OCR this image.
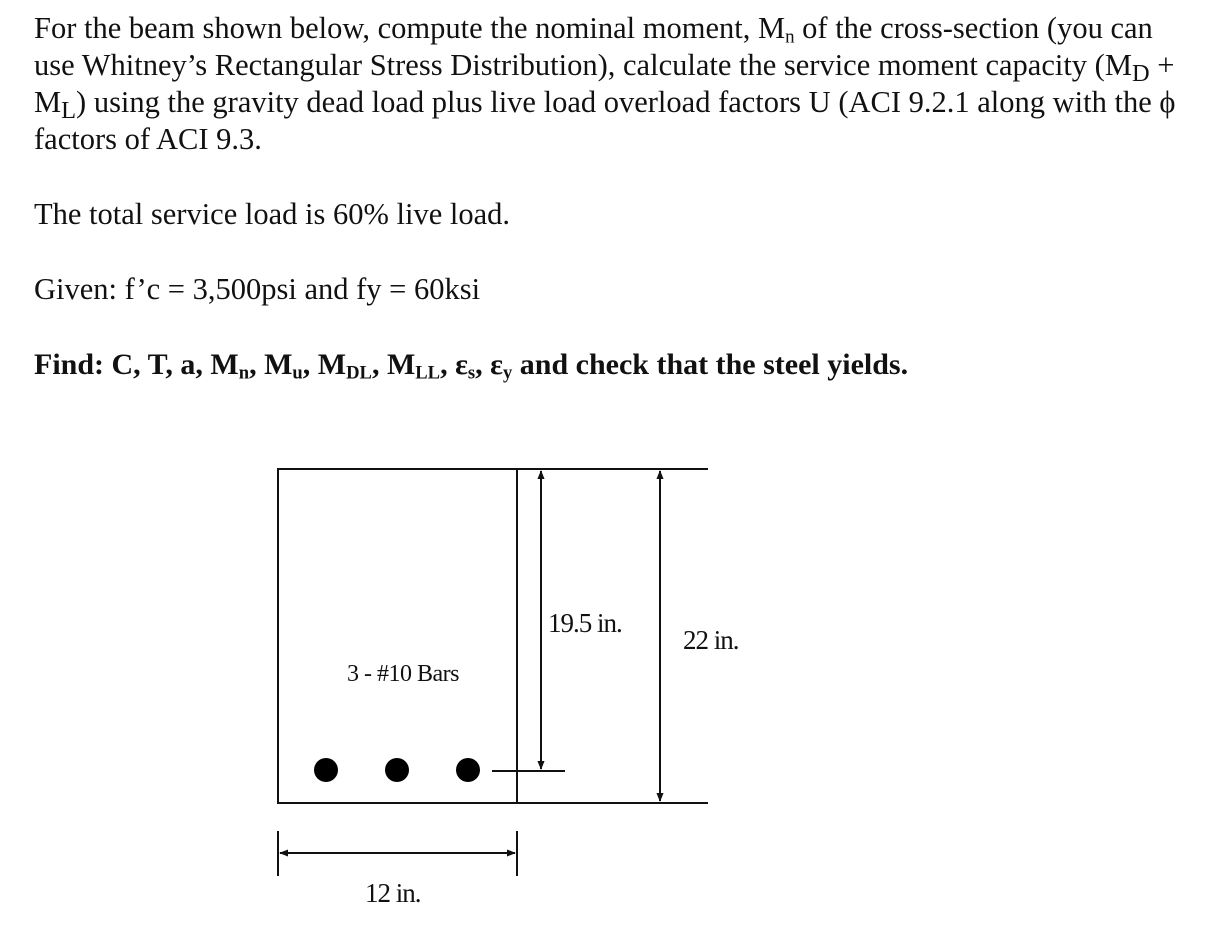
For the beam shown below, compute the nominal moment, $M_n$ of the cross-section (you can use Whitney’s Rectangular Stress Distribution), calculate the service moment capacity $(M_D + M_L)$ using the gravity dead load plus live load overload factors U (ACI 9.2.1 along with the ϕ factors of ACI 9.3.

The total service load is 60% live load.

Given: f’c = 3,500psi and fy = 60ksi

Find: C, T, a, $M_n$, $M_u$, $M_{DL}$, $M_{LL}$, $\varepsilon_s$, $\varepsilon_y$ and check that the steel yields.

3 - #10 Bars
19.5 in.
22 in.
12 in.
